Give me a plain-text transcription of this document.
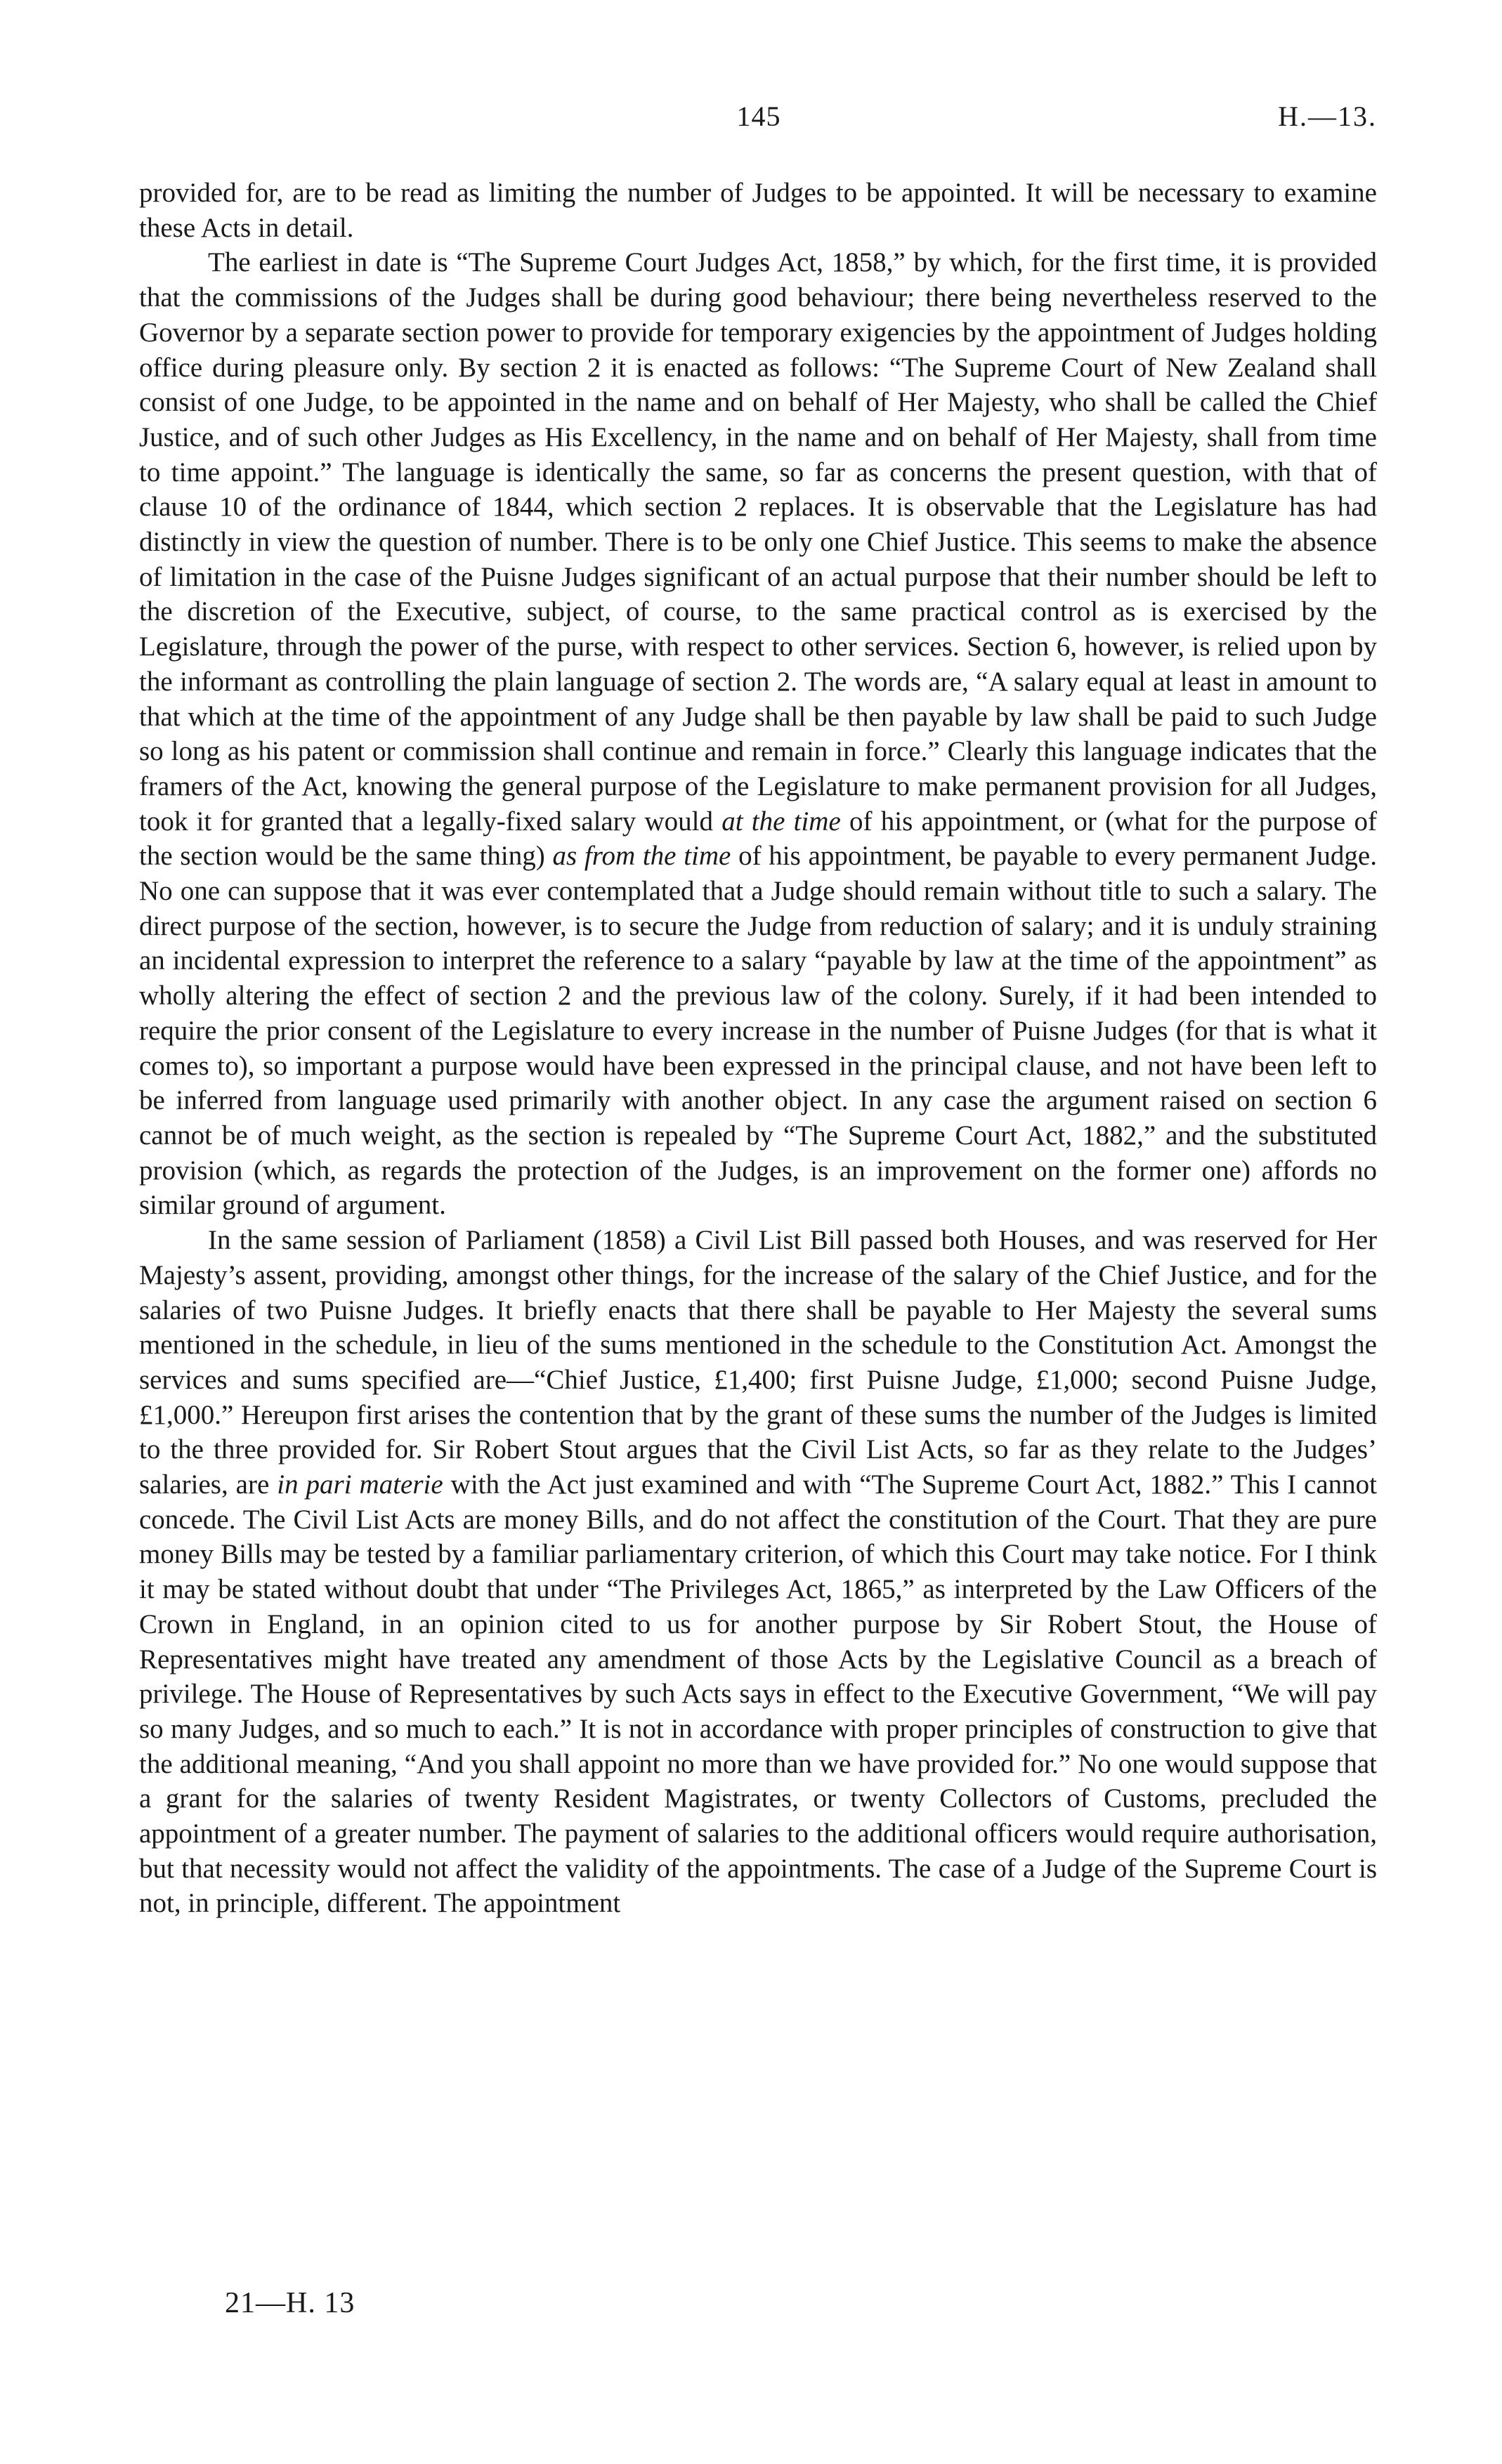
145	H.—13.

provided for, are to be read as limiting the number of Judges to be appointed. It will be necessary to examine these Acts in detail.

The earliest in date is “The Supreme Court Judges Act, 1858,” by which, for the first time, it is provided that the commissions of the Judges shall be during good behaviour; there being nevertheless reserved to the Governor by a separate section power to provide for temporary exigencies by the appointment of Judges holding office during pleasure only. By section 2 it is enacted as follows: “The Supreme Court of New Zealand shall consist of one Judge, to be appointed in the name and on behalf of Her Majesty, who shall be called the Chief Justice, and of such other Judges as His Excellency, in the name and on behalf of Her Majesty, shall from time to time appoint.” The language is identically the same, so far as concerns the present question, with that of clause 10 of the ordinance of 1844, which section 2 replaces. It is observable that the Legislature has had distinctly in view the question of number. There is to be only one Chief Justice. This seems to make the absence of limitation in the case of the Puisne Judges significant of an actual purpose that their number should be left to the discretion of the Executive, subject, of course, to the same practical control as is exercised by the Legislature, through the power of the purse, with respect to other services. Section 6, however, is relied upon by the informant as controlling the plain language of section 2. The words are, “A salary equal at least in amount to that which at the time of the appointment of any Judge shall be then payable by law shall be paid to such Judge so long as his patent or commission shall continue and remain in force.” Clearly this language indicates that the framers of the Act, knowing the general purpose of the Legislature to make permanent provision for all Judges, took it for granted that a legally-fixed salary would at the time of his appointment, or (what for the purpose of the section would be the same thing) as from the time of his appointment, be payable to every permanent Judge. No one can suppose that it was ever contemplated that a Judge should remain without title to such a salary. The direct purpose of the section, however, is to secure the Judge from reduction of salary; and it is unduly straining an incidental expression to interpret the reference to a salary “payable by law at the time of the appointment” as wholly altering the effect of section 2 and the previous law of the colony. Surely, if it had been intended to require the prior consent of the Legislature to every increase in the number of Puisne Judges (for that is what it comes to), so important a purpose would have been expressed in the principal clause, and not have been left to be inferred from language used primarily with another object. In any case the argument raised on section 6 cannot be of much weight, as the section is repealed by “The Supreme Court Act, 1882,” and the substituted provision (which, as regards the protection of the Judges, is an improvement on the former one) affords no similar ground of argument.

In the same session of Parliament (1858) a Civil List Bill passed both Houses, and was reserved for Her Majesty’s assent, providing, amongst other things, for the increase of the salary of the Chief Justice, and for the salaries of two Puisne Judges. It briefly enacts that there shall be payable to Her Majesty the several sums mentioned in the schedule, in lieu of the sums mentioned in the schedule to the Constitution Act. Amongst the services and sums specified are—“Chief Justice, £1,400; first Puisne Judge, £1,000; second Puisne Judge, £1,000.” Hereupon first arises the contention that by the grant of these sums the number of the Judges is limited to the three provided for. Sir Robert Stout argues that the Civil List Acts, so far as they relate to the Judges’ salaries, are in pari materie with the Act just examined and with “The Supreme Court Act, 1882.” This I cannot concede. The Civil List Acts are money Bills, and do not affect the constitution of the Court. That they are pure money Bills may be tested by a familiar parliamentary criterion, of which this Court may take notice. For I think it may be stated without doubt that under “The Privileges Act, 1865,” as interpreted by the Law Officers of the Crown in England, in an opinion cited to us for another purpose by Sir Robert Stout, the House of Representatives might have treated any amendment of those Acts by the Legislative Council as a breach of privilege. The House of Representatives by such Acts says in effect to the Executive Government, “We will pay so many Judges, and so much to each.” It is not in accordance with proper principles of construction to give that the additional meaning, “And you shall appoint no more than we have provided for.” No one would suppose that a grant for the salaries of twenty Resident Magistrates, or twenty Collectors of Customs, precluded the appointment of a greater number. The payment of salaries to the additional officers would require authorisation, but that necessity would not affect the validity of the appointments. The case of a Judge of the Supreme Court is not, in principle, different. The appointment

21—H. 13
